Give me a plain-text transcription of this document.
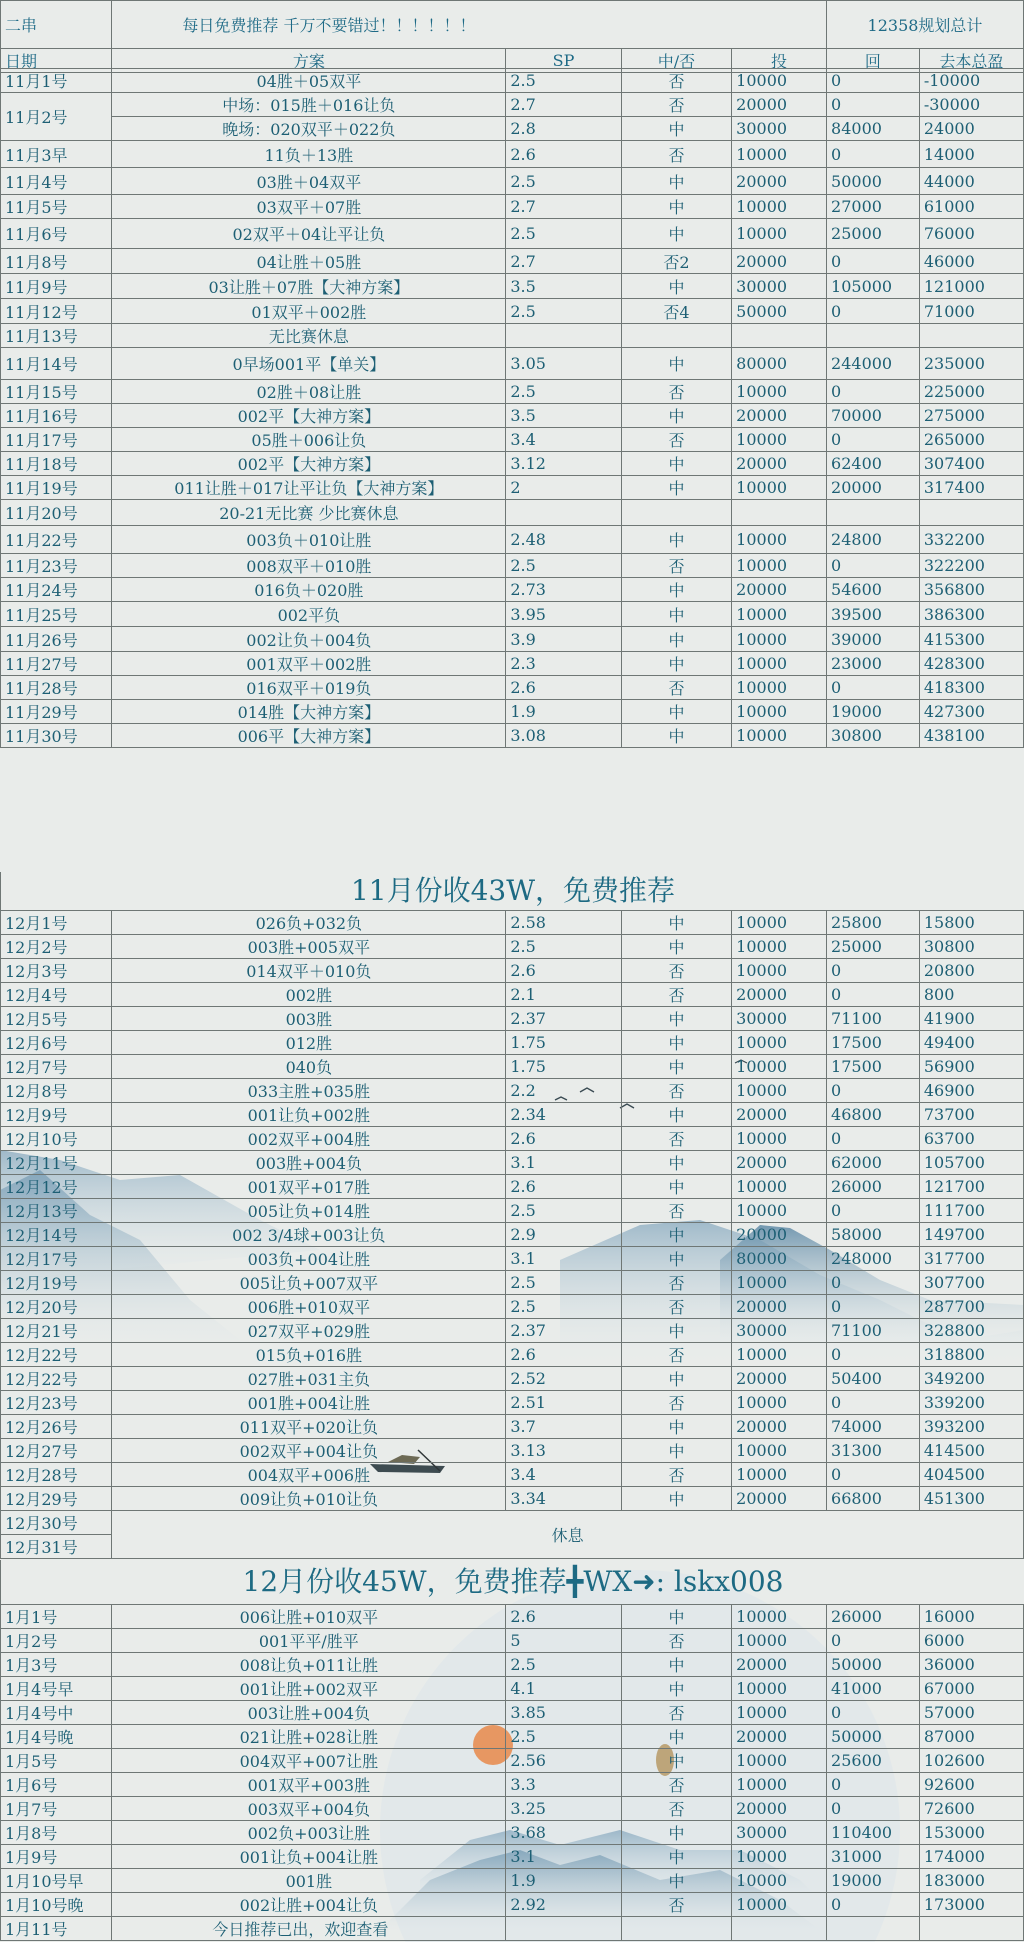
二串	每日免费推荐 千万不要错过！！！！！！				12358规划总计	
日期	方案	SP	中/否	投	回	去本总盈
11月1号	04胜＋05双平	2.5	否	10000	0	-10000
11月2号	中场：015胜＋016让负	2.7	否	20000	0	-30000
	晚场：020双平＋022负	2.8	中	30000	84000	24000
11月3早	11负＋13胜	2.6	否	10000	0	14000
11月4号	03胜＋04双平	2.5	中	20000	50000	44000
11月5号	03双平＋07胜	2.7	中	10000	27000	61000
11月6号	02双平＋04让平让负	2.5	中	10000	25000	76000
11月8号	04让胜＋05胜	2.7	否2	20000	0	46000
11月9号	03让胜＋07胜【大神方案】	3.5	中	30000	105000	121000
11月12号	01双平＋002胜	2.5	否4	50000	0	71000
11月13号	无比赛休息					
11月14号	0早场001平【单关】	3.05	中	80000	244000	235000
11月15号	02胜＋08让胜	2.5	否	10000	0	225000
11月16号	002平【大神方案】	3.5	中	20000	70000	275000
11月17号	05胜＋006让负	3.4	否	10000	0	265000
11月18号	002平【大神方案】	3.12	中	20000	62400	307400
11月19号	011让胜＋017让平让负【大神方案】	2	中	10000	20000	317400
11月20号	20-21无比赛 少比赛休息					
11月22号	003负＋010让胜	2.48	中	10000	24800	332200
11月23号	008双平＋010胜	2.5	否	10000	0	322200
11月24号	016负＋020胜	2.73	中	20000	54600	356800
11月25号	002平负	3.95	中	10000	39500	386300
11月26号	002让负＋004负	3.9	中	10000	39000	415300
11月27号	001双平＋002胜	2.3	中	10000	23000	428300
11月28号	016双平＋019负	2.6	否	10000	0	418300
11月29号	014胜【大神方案】	1.9	中	10000	19000	427300
11月30号	006平【大神方案】	3.08	中	10000	30800	438100
11月份收43W，免费推荐
12月1号	026负+032负	2.58	中	10000	25800	15800
12月2号	003胜+005双平	2.5	中	10000	25000	30800
12月3号	014双平＋010负	2.6	否	10000	0	20800
12月4号	002胜	2.1	否	20000	0	800
12月5号	003胜	2.37	中	30000	71100	41900
12月6号	012胜	1.75	中	10000	17500	49400
12月7号	040负	1.75	中	10000	17500	56900
12月8号	033主胜+035胜	2.2	否	10000	0	46900
12月9号	001让负+002胜	2.34	中	20000	46800	73700
12月10号	002双平+004胜	2.6	否	10000	0	63700
12月11号	003胜+004负	3.1	中	20000	62000	105700
12月12号	001双平+017胜	2.6	中	10000	26000	121700
12月13号	005让负+014胜	2.5	否	10000	0	111700
12月14号	002 3/4球+003让负	2.9	中	20000	58000	149700
12月17号	003负+004让胜	3.1	中	80000	248000	317700
12月19号	005让负+007双平	2.5	否	10000	0	307700
12月20号	006胜+010双平	2.5	否	20000	0	287700
12月21号	027双平+029胜	2.37	中	30000	71100	328800
12月22号	015负+016胜	2.6	否	10000	0	318800
12月22号	027胜+031主负	2.52	中	20000	50400	349200
12月23号	001胜+004让胜	2.51	否	10000	0	339200
12月26号	011双平+020让负	3.7	中	20000	74000	393200
12月27号	002双平+004让负	3.13	中	10000	31300	414500
12月28号	004双平+006胜	3.4	否	10000	0	404500
12月29号	009让负+010让负	3.34	中	20000	66800	451300
12月30号	休息					
12月31号						
12月份收45W，免费推荐╋WX➜: lskx008
1月1号	006让胜+010双平	2.6	中	10000	26000	16000
1月2号	001平平/胜平	5	否	10000	0	6000
1月3号	008让负+011让胜	2.5	中	20000	50000	36000
1月4号早	001让胜+002双平	4.1	中	10000	41000	67000
1月4号中	003让胜+004负	3.85	否	10000	0	57000
1月4号晚	021让胜+028让胜	2.5	中	20000	50000	87000
1月5号	004双平+007让胜	2.56	中	10000	25600	102600
1月6号	001双平+003胜	3.3	否	10000	0	92600
1月7号	003双平+004负	3.25	否	20000	0	72600
1月8号	002负+003让胜	3.68	中	30000	110400	153000
1月9号	001让负+004让胜	3.1	中	10000	31000	174000
1月10号早	001胜	1.9	中	10000	19000	183000
1月10号晚	002让胜+004让负	2.92	否	10000	0	173000
1月11号	今日推荐已出，欢迎查看					
